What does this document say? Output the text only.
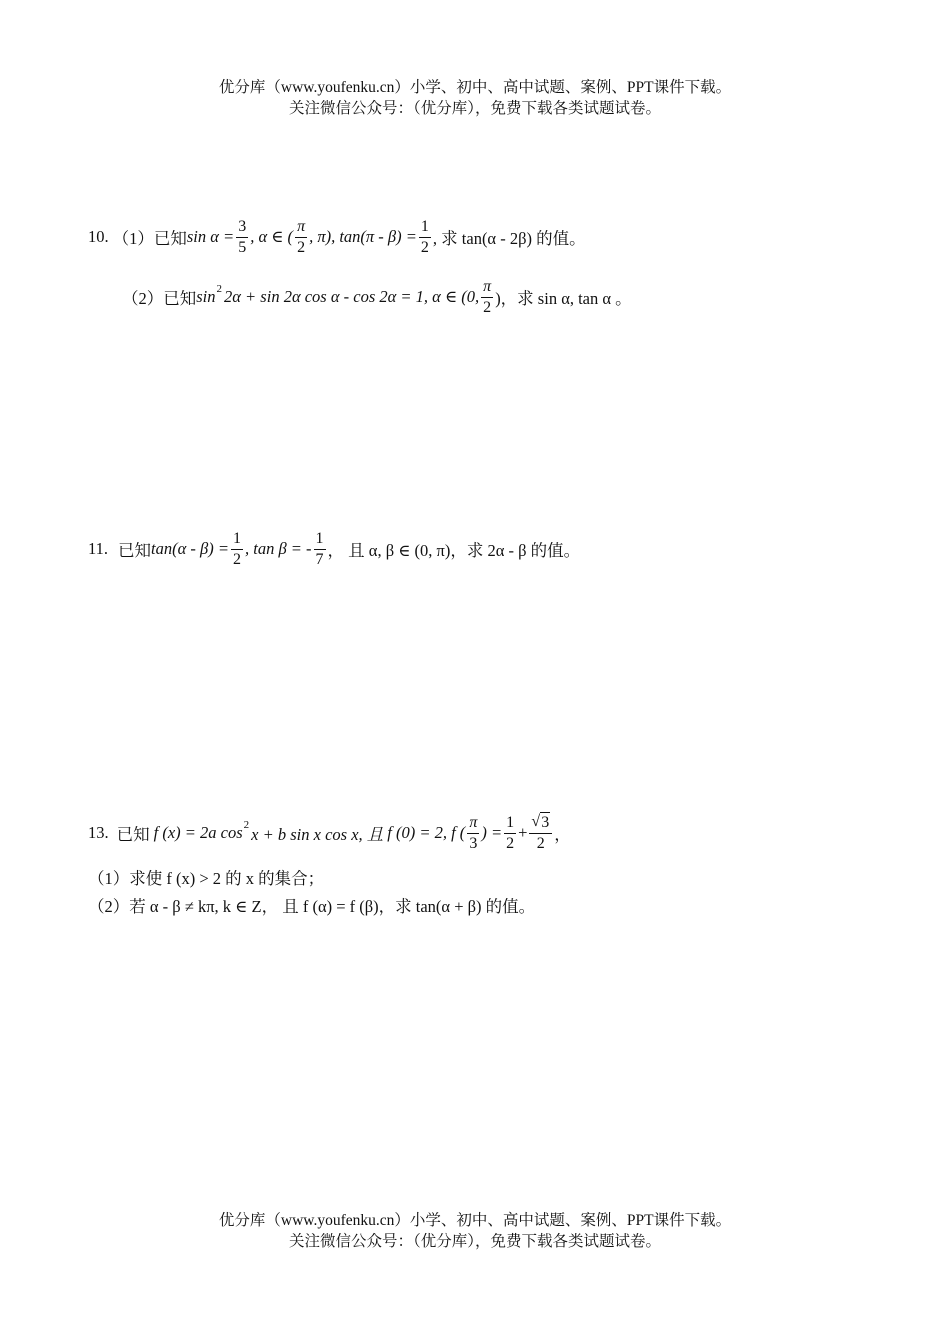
优分库（www.youfenku.cn）小学、初中、高中试题、案例、PPT课件下载。
关注微信公众号：（优分库），免费下载各类试题试卷。
10. （1）已知 $\sin \alpha = \frac{3}{5}$ , α ∈ ( $\frac{\pi}{2}$ , π), $\tan(\pi - \beta) = \frac{1}{2}$ , 求 tan(α - 2β) 的值。
（2）已知 sin 2 2α + sin 2α cos α - cos 2α = 1, α ∈ (0, $\frac{\pi}{2}$ )，求 sin α, tan α 。
11. 已知 $\tan(\alpha - \beta) = \frac{1}{2}$ , tan β = - $\frac{1}{7}$ ， 且 α, β ∈ (0, π)，求 2α - β 的值。
13. 已知 f (x) = 2a cos 2 x + b sin x cos x, 且 f (0) = 2, f ( $\frac{\pi}{3}$ ) = $\frac{1}{2} + \frac{√ 3}{2}$ ，
（1）求使 f (x) > 2 的 x 的集合；
（2）若 α - β ≠ kπ, k ∈ Z， 且 f (α) = f (β)，求 tan(α + β) 的值。
优分库（www.youfenku.cn）小学、初中、高中试题、案例、PPT课件下载。
关注微信公众号：（优分库），免费下载各类试题试卷。
